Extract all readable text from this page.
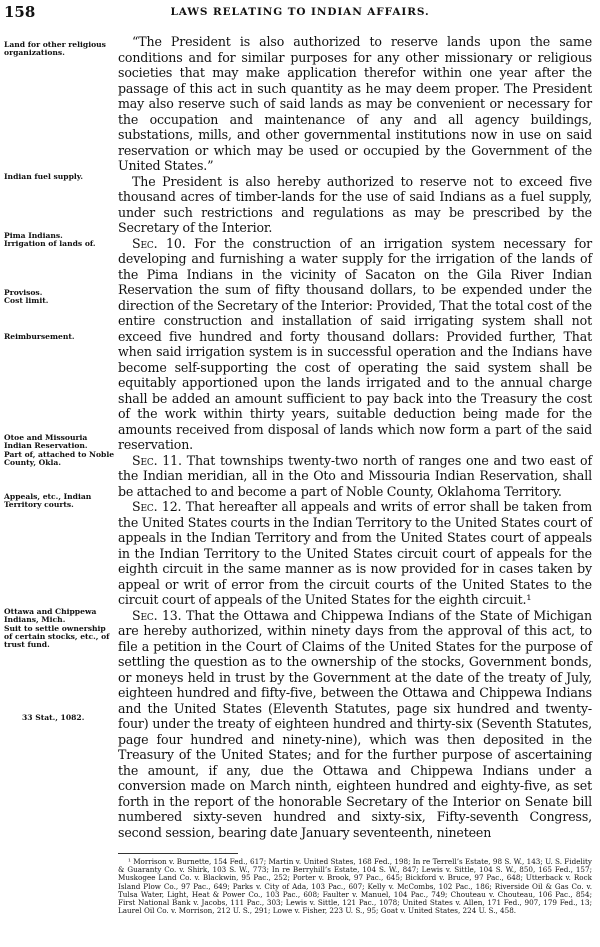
158	LAWS RELATING TO INDIAN AFFAIRS.
Land for other religious organizations.
Indian fuel supply.
Pima Indians.
Irrigation of lands of.
Provisos.
Cost limit.
Reimbursement.
Otoe and Missouria Indian Reservation.
Part of, attached to Noble County, Okla.
Appeals, etc., Indian Territory courts.
Ottawa and Chippewa Indians, Mich.
Suit to settle ownership of certain stocks, etc., of trust fund.
33 Stat., 1082.

“The President is also authorized to reserve lands upon the same conditions and for similar purposes for any other missionary or religious societies that may make application therefor within one year after the passage of this act in such quantity as he may deem proper. The President may also reserve such of said lands as may be convenient or necessary for the occupation and maintenance of any and all agency buildings, substations, mills, and other governmental institutions now in use on said reservation or which may be used or occupied by the Government of the United States.”

The President is also hereby authorized to reserve not to exceed five thousand acres of timber-lands for the use of said Indians as a fuel supply, under such restrictions and regulations as may be prescribed by the Secretary of the Interior.

Sec. 10. For the construction of an irrigation system necessary for developing and furnishing a water supply for the irrigation of the lands of the Pima Indians in the vicinity of Sacaton on the Gila River Indian Reservation the sum of fifty thousand dollars, to be expended under the direction of the Secretary of the Interior: Provided, That the total cost of the entire construction and installation of said irrigating system shall not exceed five hundred and forty thousand dollars: Provided further, That when said irrigation system is in successful operation and the Indians have become self-supporting the cost of operating the said system shall be equitably apportioned upon the lands irrigated and to the annual charge shall be added an amount sufficient to pay back into the Treasury the cost of the work within thirty years, suitable deduction being made for the amounts received from disposal of lands which now form a part of the said reservation.

Sec. 11. That townships twenty-two north of ranges one and two east of the Indian meridian, all in the Oto and Missouria Indian Reservation, shall be attached to and become a part of Noble County, Oklahoma Territory.

Sec. 12. That hereafter all appeals and writs of error shall be taken from the United States courts in the Indian Territory to the United States court of appeals in the Indian Territory and from the United States court of appeals in the Indian Territory to the United States circuit court of appeals for the eighth circuit in the same manner as is now provided for in cases taken by appeal or writ of error from the circuit courts of the United States to the circuit court of appeals of the United States for the eighth circuit.¹

Sec. 13. That the Ottawa and Chippewa Indians of the State of Michigan are hereby authorized, within ninety days from the approval of this act, to file a petition in the Court of Claims of the United States for the purpose of settling the question as to the ownership of the stocks, Government bonds, or moneys held in trust by the Government at the date of the treaty of July, eighteen hundred and fifty-five, between the Ottawa and Chippewa Indians and the United States (Eleventh Statutes, page six hundred and twenty-four) under the treaty of eighteen hundred and thirty-six (Seventh Statutes, page four hundred and ninety-nine), which was then deposited in the Treasury of the United States; and for the further purpose of ascertaining the amount, if any, due the Ottawa and Chippewa Indians under a conversion made on March ninth, eighteen hundred and eighty-five, as set forth in the report of the honorable Secretary of the Interior on Senate bill numbered sixty-seven hundred and sixty-six, Fifty-seventh Congress, second session, bearing date January seventeenth, nineteen

¹ Morrison v. Burnette, 154 Fed., 617; Martin v. United States, 168 Fed., 198; In re Terrell’s Estate, 98 S. W., 143; U. S. Fidelity & Guaranty Co. v. Shirk, 103 S. W., 773; In re Berryhill’s Estate, 104 S. W., 847; Lewis v. Sittle, 104 S. W., 850, 165 Fed., 157; Muskogee Land Co. v. Blackwin, 95 Pac., 252; Porter v. Brook, 97 Pac., 645; Bickford v. Bruce, 97 Pac., 648; Utterback v. Rock Island Plow Co., 97 Pac., 649; Parks v. City of Ada, 103 Pac., 607; Kelly v. McCombs, 102 Pac., 186; Riverside Oil & Gas Co. v. Tulsa Water, Light, Heat & Power Co., 103 Pac., 608; Faulter v. Manuel, 104 Pac., 749; Chouteau v. Chouteau, 106 Pac., 854; First National Bank v. Jacobs, 111 Pac., 303; Lewis v. Sittle, 121 Pac., 1078; United States v. Allen, 171 Fed., 907, 179 Fed., 13; Laurel Oil Co. v. Morrison, 212 U. S., 291; Lowe v. Fisher, 223 U. S., 95; Goat v. United States, 224 U. S., 458.
